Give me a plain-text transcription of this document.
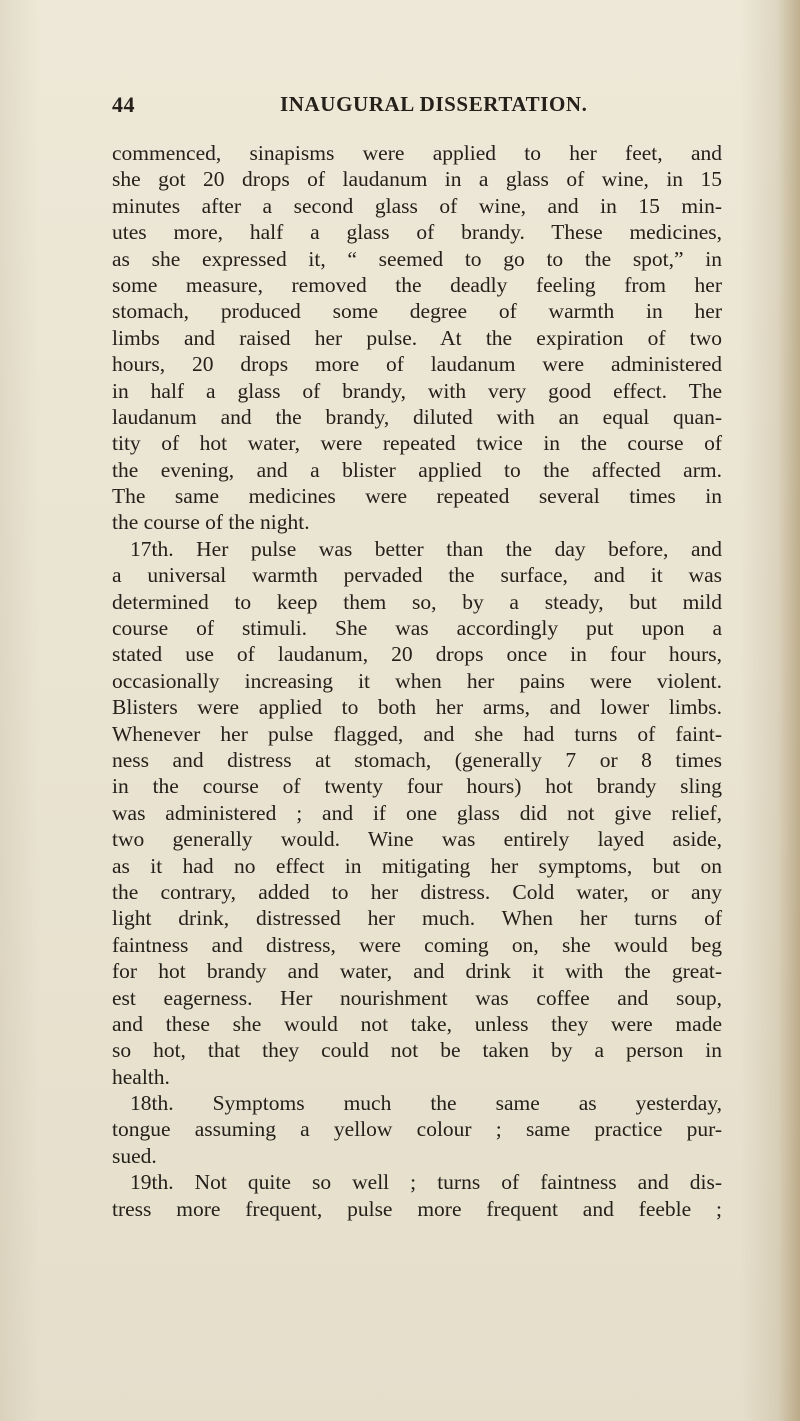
44	INAUGURAL DISSERTATION.
commenced, sinapisms were applied to her feet, and
she got 20 drops of laudanum in a glass of wine, in 15
minutes after a second glass of wine, and in 15 min-
utes more, half a glass of brandy. These medicines,
as she expressed it, “ seemed to go to the spot,” in
some measure, removed the deadly feeling from her
stomach, produced some degree of warmth in her
limbs and raised her pulse. At the expiration of two
hours, 20 drops more of laudanum were administered
in half a glass of brandy, with very good effect. The
laudanum and the brandy, diluted with an equal quan-
tity of hot water, were repeated twice in the course of
the evening, and a blister applied to the affected arm.
The same medicines were repeated several times in
the course of the night.
17th. Her pulse was better than the day before, and
a universal warmth pervaded the surface, and it was
determined to keep them so, by a steady, but mild
course of stimuli. She was accordingly put upon a
stated use of laudanum, 20 drops once in four hours,
occasionally increasing it when her pains were violent.
Blisters were applied to both her arms, and lower limbs.
Whenever her pulse flagged, and she had turns of faint-
ness and distress at stomach, (generally 7 or 8 times
in the course of twenty four hours) hot brandy sling
was administered ; and if one glass did not give relief,
two generally would. Wine was entirely layed aside,
as it had no effect in mitigating her symptoms, but on
the contrary, added to her distress. Cold water, or any
light drink, distressed her much. When her turns of
faintness and distress, were coming on, she would beg
for hot brandy and water, and drink it with the great-
est eagerness. Her nourishment was coffee and soup,
and these she would not take, unless they were made
so hot, that they could not be taken by a person in
health.
18th. Symptoms much the same as yesterday,
tongue assuming a yellow colour ; same practice pur-
sued.
19th. Not quite so well ; turns of faintness and dis-
tress more frequent, pulse more frequent and feeble ;
